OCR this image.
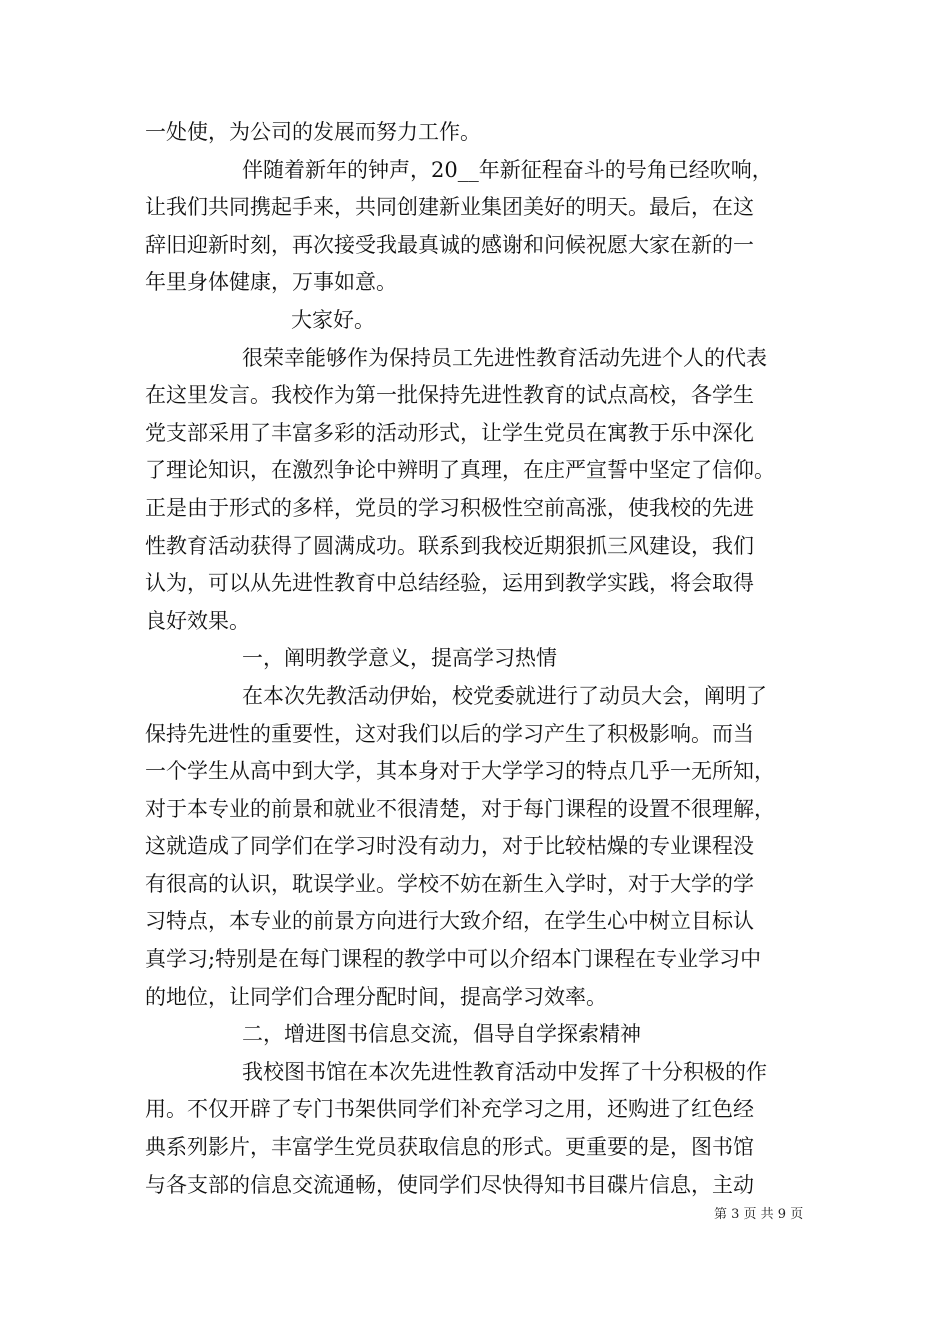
一处使，为公司的发展而努力工作。

伴随着新年的钟声，20__年新征程奋斗的号角已经吹响，

让我们共同携起手来，共同创建新业集团美好的明天。最后，在这

辞旧迎新时刻，再次接受我最真诚的感谢和问候祝愿大家在新的一

年里身体健康，万事如意。

大家好。

很荣幸能够作为保持员工先进性教育活动先进个人的代表

在这里发言。我校作为第一批保持先进性教育的试点高校，各学生

党支部采用了丰富多彩的活动形式，让学生党员在寓教于乐中深化

了理论知识，在激烈争论中辨明了真理，在庄严宣誓中坚定了信仰。

正是由于形式的多样，党员的学习积极性空前高涨，使我校的先进

性教育活动获得了圆满成功。联系到我校近期狠抓三风建设，我们

认为，可以从先进性教育中总结经验，运用到教学实践，将会取得

良好效果。

一，阐明教学意义，提高学习热情

在本次先教活动伊始，校党委就进行了动员大会，阐明了

保持先进性的重要性，这对我们以后的学习产生了积极影响。而当

一个学生从高中到大学，其本身对于大学学习的特点几乎一无所知，

对于本专业的前景和就业不很清楚，对于每门课程的设置不很理解，

这就造成了同学们在学习时没有动力，对于比较枯燥的专业课程没

有很高的认识，耽误学业。学校不妨在新生入学时，对于大学的学

习特点，本专业的前景方向进行大致介绍，在学生心中树立目标认

真学习;特别是在每门课程的教学中可以介绍本门课程在专业学习中

的地位，让同学们合理分配时间，提高学习效率。

二，增进图书信息交流，倡导自学探索精神

我校图书馆在本次先进性教育活动中发挥了十分积极的作

用。不仅开辟了专门书架供同学们补充学习之用，还购进了红色经

典系列影片，丰富学生党员获取信息的形式。更重要的是，图书馆

与各支部的信息交流通畅，使同学们尽快得知书目碟片信息，主动

第 3 页 共 9 页
